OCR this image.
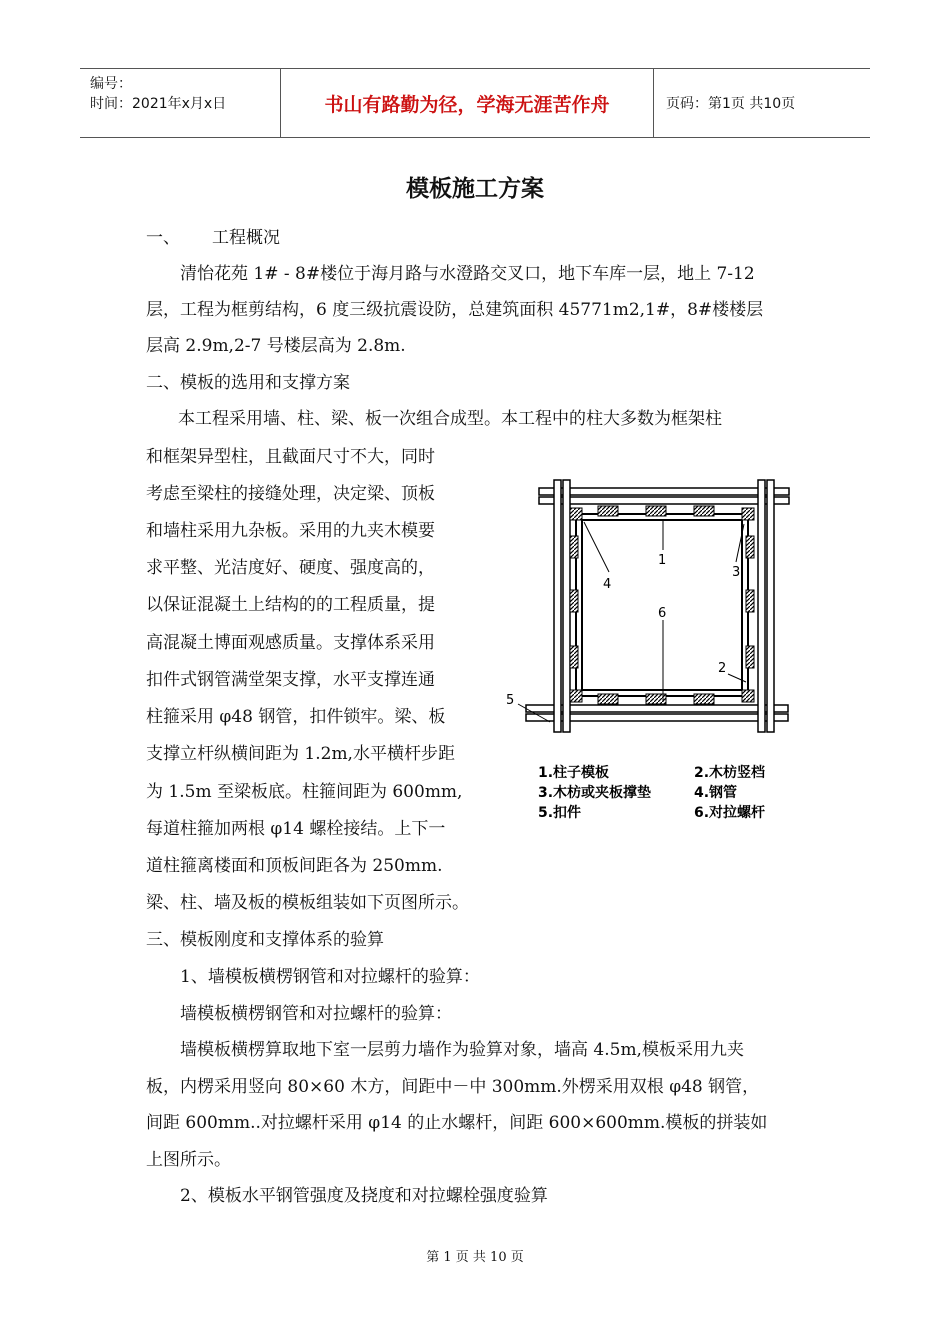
编号：
时间：2021年x月x日	书山有路勤为径，学海无涯苦作舟	页码：第1页 共10页
模板施工方案
一、 工程概况
清怡花苑 1# - 8#楼位于海月路与水澄路交叉口，地下车库一层，地上 7-12
层，工程为框剪结构，6 度三级抗震设防，总建筑面积 45771m2,1#，8#楼楼层
层高 2.9m,2-7 号楼层高为 2.8m.
二、模板的选用和支撑方案
本工程采用墙、柱、梁、板一次组合成型。本工程中的柱大多数为框架柱
和框架异型柱，且截面尺寸不大，同时
考虑至梁柱的接缝处理，决定梁、顶板
和墙柱采用九杂板。采用的九夹木模要
求平整、光洁度好、硬度、强度高的，
以保证混凝土上结构的的工程质量，提
高混凝土博面观感质量。支撑体系采用
扣件式钢管满堂架支撑，水平支撑连通
柱箍采用 φ48 钢管，扣件锁牢。梁、板
支撑立杆纵横间距为 1.2m,水平横杆步距
为 1.5m 至梁板底。柱箍间距为 600mm,
每道柱箍加两根 φ14 螺栓接结。上下一
道柱箍离楼面和顶板间距各为 250mm.
梁、柱、墙及板的模板组装如下页图所示。
三、模板刚度和支撑体系的验算
1、墙模板横楞钢管和对拉螺杆的验算：
墙模板横楞钢管和对拉螺杆的验算：
墙模板横楞算取地下室一层剪力墙作为验算对象，墙高 4.5m,模板采用九夹
板，内楞采用竖向 80×60 木方，间距中－中 300mm.外楞采用双根 φ48 钢管，
间距 600mm..对拉螺杆采用 φ14 的止水螺杆，间距 600×600mm.模板的拼装如
上图所示。
2、模板水平钢管强度及挠度和对拉螺栓强度验算
1
4
3
6
2
5
1.柱子模板	2.木枋竖档
3.木枋或夹板撑垫	4.钢管
5.扣件	6.对拉螺杆
第 1 页 共 10 页
